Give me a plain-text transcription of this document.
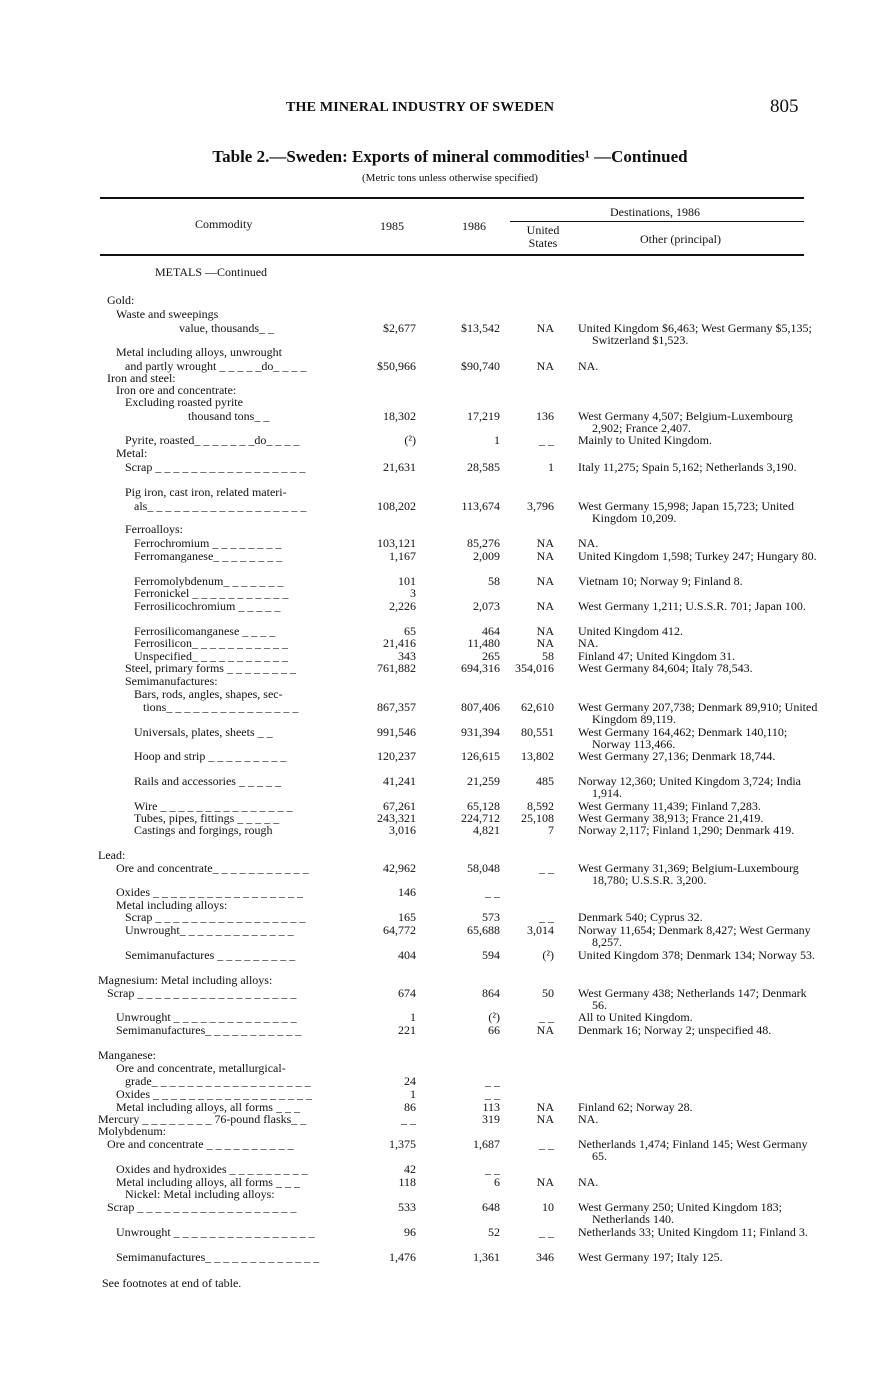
THE MINERAL INDUSTRY OF SWEDEN	805
Table 2.—Sweden: Exports of mineral commodities¹ —Continued
(Metric tons unless otherwise specified)
Commodity	1985	1986
Destinations, 1986
United States	Other (principal)
METALS —Continued
Gold:
Waste and sweepings
value, thousands_ _	$2,677	$13,542	NA United Kingdom $6,463; West Germany $5,135; Switzerland $1,523.
Metal including alloys, unwrought
and partly wrought _ _ _ _ _do_ _ _ _	$50,966	$90,740	NA NA.
Iron and steel:
Iron ore and concentrate:
Excluding roasted pyrite
thousand tons_ _	18,302	17,219	136 West Germany 4,507; Belgium-Luxembourg 2,902; France 2,407.
Pyrite, roasted_ _ _ _ _ _ _do_ _ _ _	(²)	1	_ _ Mainly to United Kingdom.
Metal:
Scrap _ _ _ _ _ _ _ _ _ _ _ _ _ _ _ _ _	21,631	28,585	1 Italy 11,275; Spain 5,162; Netherlands 3,190.
Pig iron, cast iron, related materi-
als_ _ _ _ _ _ _ _ _ _ _ _ _ _ _ _ _ _	108,202	113,674	3,796 West Germany 15,998; Japan 15,723; United Kingdom 10,209.
Ferroalloys:
Ferrochromium _ _ _ _ _ _ _ _	103,121	85,276	NA NA.
Ferromanganese_ _ _ _ _ _ _ _	1,167	2,009	NA United Kingdom 1,598; Turkey 247; Hungary 80.
Ferromolybdenum_ _ _ _ _ _ _	101	58	NA Vietnam 10; Norway 9; Finland 8.
Ferronickel _ _ _ _ _ _ _ _ _ _ _	3
Ferrosilicochromium _ _ _ _ _	2,226	2,073	NA West Germany 1,211; U.S.S.R. 701; Japan 100.
Ferrosilicomanganese _ _ _ _	65	464	NA United Kingdom 412.
Ferrosilicon_ _ _ _ _ _ _ _ _ _ _	21,416	11,480	NA NA.
Unspecified_ _ _ _ _ _ _ _ _ _ _	343	265	58 Finland 47; United Kingdom 31.
Steel, primary forms _ _ _ _ _ _ _ _	761,882	694,316	354,016 West Germany 84,604; Italy 78,543.
Semimanufactures:
Bars, rods, angles, shapes, sec-
tions_ _ _ _ _ _ _ _ _ _ _ _ _ _ _	867,357	807,406	62,610 West Germany 207,738; Denmark 89,910; United Kingdom 89,119.
Universals, plates, sheets _ _	991,546	931,394	80,551 West Germany 164,462; Denmark 140,110; Norway 113,466.
Hoop and strip _ _ _ _ _ _ _ _ _	120,237	126,615	13,802 West Germany 27,136; Denmark 18,744.
Rails and accessories _ _ _ _ _	41,241	21,259	485 Norway 12,360; United Kingdom 3,724; India 1,914.
Wire _ _ _ _ _ _ _ _ _ _ _ _ _ _ _	67,261	65,128	8,592 West Germany 11,439; Finland 7,283.
Tubes, pipes, fittings _ _ _ _ _	243,321	224,712	25,108 West Germany 38,913; France 21,419.
Castings and forgings, rough	3,016	4,821	7 Norway 2,117; Finland 1,290; Denmark 419.
Lead:
Ore and concentrate_ _ _ _ _ _ _ _ _ _ _	42,962	58,048	_ _ West Germany 31,369; Belgium-Luxembourg 18,780; U.S.S.R. 3,200.
Oxides _ _ _ _ _ _ _ _ _ _ _ _ _ _ _ _ _	146	_ _
Metal including alloys:
Scrap _ _ _ _ _ _ _ _ _ _ _ _ _ _ _ _ _	165	573	_ _ Denmark 540; Cyprus 32.
Unwrought_ _ _ _ _ _ _ _ _ _ _ _ _	64,772	65,688	3,014 Norway 11,654; Denmark 8,427; West Germany 8,257.
Semimanufactures _ _ _ _ _ _ _ _ _	404	594	(²) United Kingdom 378; Denmark 134; Norway 53.
Magnesium: Metal including alloys:
Scrap _ _ _ _ _ _ _ _ _ _ _ _ _ _ _ _ _ _	674	864	50 West Germany 438; Netherlands 147; Denmark 56.
Unwrought _ _ _ _ _ _ _ _ _ _ _ _ _ _	1	(²)	_ _ All to United Kingdom.
Semimanufactures_ _ _ _ _ _ _ _ _ _ _	221	66	NA Denmark 16; Norway 2; unspecified 48.
Manganese:
Ore and concentrate, metallurgical-
grade_ _ _ _ _ _ _ _ _ _ _ _ _ _ _ _ _ _	24	_ _
Oxides _ _ _ _ _ _ _ _ _ _ _ _ _ _ _ _ _ _	1	_ _
Metal including alloys, all forms _ _ _	86	113	NA Finland 62; Norway 28.
Mercury _ _ _ _ _ _ _ _ 76-pound flasks_ _	_ _	319	NA NA.
Molybdenum:
Ore and concentrate _ _ _ _ _ _ _ _ _ _	1,375	1,687	_ _ Netherlands 1,474; Finland 145; West Germany 65.
Oxides and hydroxides _ _ _ _ _ _ _ _ _	42	_ _
Metal including alloys, all forms _ _ _	118	6	NA NA.
Nickel: Metal including alloys:
Scrap _ _ _ _ _ _ _ _ _ _ _ _ _ _ _ _ _ _	533	648	10 West Germany 250; United Kingdom 183; Netherlands 140.
Unwrought _ _ _ _ _ _ _ _ _ _ _ _ _ _ _ _	96	52	_ _ Netherlands 33; United Kingdom 11; Finland 3.
Semimanufactures_ _ _ _ _ _ _ _ _ _ _ _ _	1,476	1,361	346 West Germany 197; Italy 125.
See footnotes at end of table.
